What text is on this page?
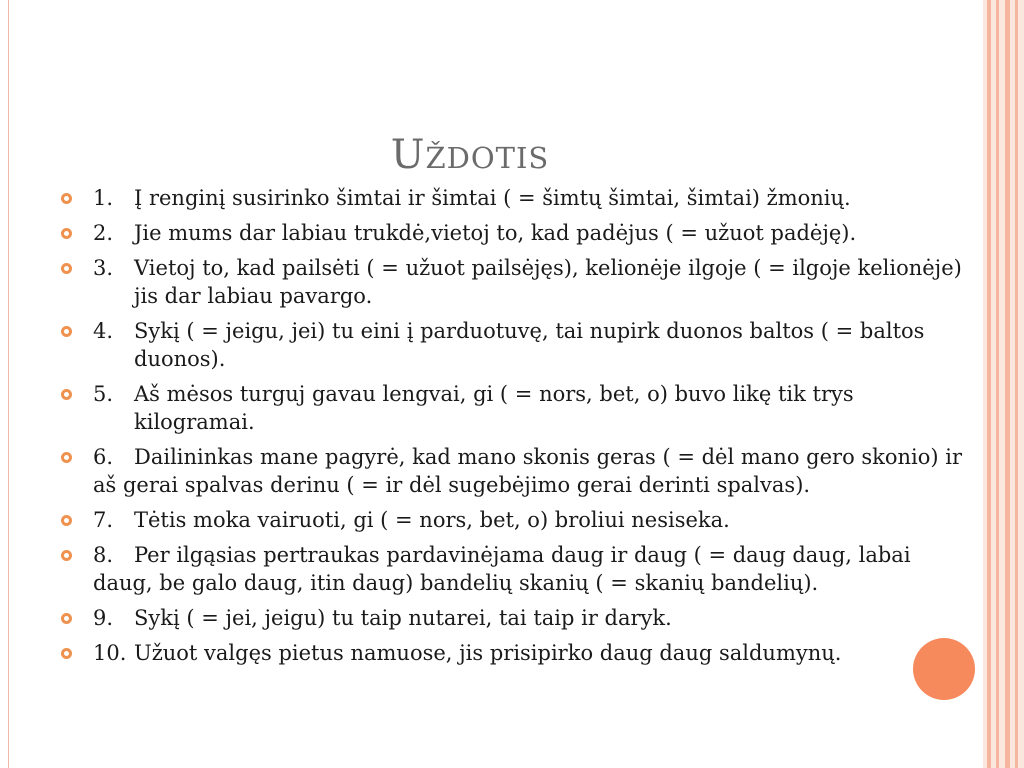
UŽDOTIS
1. Į renginį susirinko šimtai ir šimtai ( = šimtų šimtai, šimtai) žmonių.
2. Jie mums dar labiau trukdė,vietoj to, kad padėjus ( = užuot padėję).
3. Vietoj to, kad pailsėti ( = užuot pailsėjęs), kelionėje ilgoje ( = ilgoje kelionėje) jis dar labiau pavargo.
4. Sykį ( = jeigu, jei) tu eini į parduotuvę, tai nupirk duonos baltos ( = baltos duonos).
5. Aš mėsos turguj gavau lengvai, gi ( = nors, bet, o) buvo likę tik trys kilogramai.
6. Dailininkas mane pagyrė, kad mano skonis geras ( = dėl mano gero skonio) ir aš gerai spalvas derinu ( = ir dėl sugebėjimo gerai derinti spalvas).
7. Tėtis moka vairuoti, gi ( = nors, bet, o) broliui nesiseka.
8. Per ilgąsias pertraukas pardavinėjama daug ir daug ( = daug daug, labai daug, be galo daug, itin daug) bandelių skanių ( = skanių bandelių).
9. Sykį ( = jei, jeigu) tu taip nutarei, tai taip ir daryk.
10. Užuot valgęs pietus namuose, jis prisipirko daug daug saldumynų.
